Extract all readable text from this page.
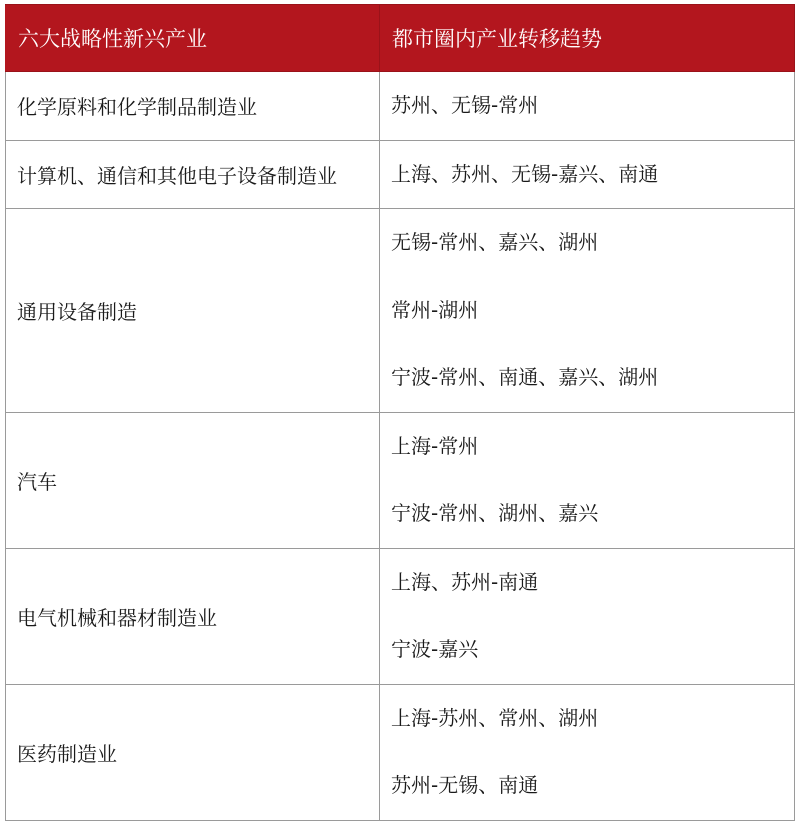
六大战略性新兴产业	都市圈内产业转移趋势
化学原料和化学制品制造业	苏州、无锡-常州

计算机、通信和其他电子设备制造业	上海、苏州、无锡-嘉兴、南通

通用设备制造	无锡-常州、嘉兴、湖州
常州-湖州
宁波-常州、南通、嘉兴、湖州

汽车	上海-常州
宁波-常州、湖州、嘉兴

电气机械和器材制造业	上海、苏州-南通
宁波-嘉兴

医药制造业	上海-苏州、常州、湖州
苏州-无锡、南通
